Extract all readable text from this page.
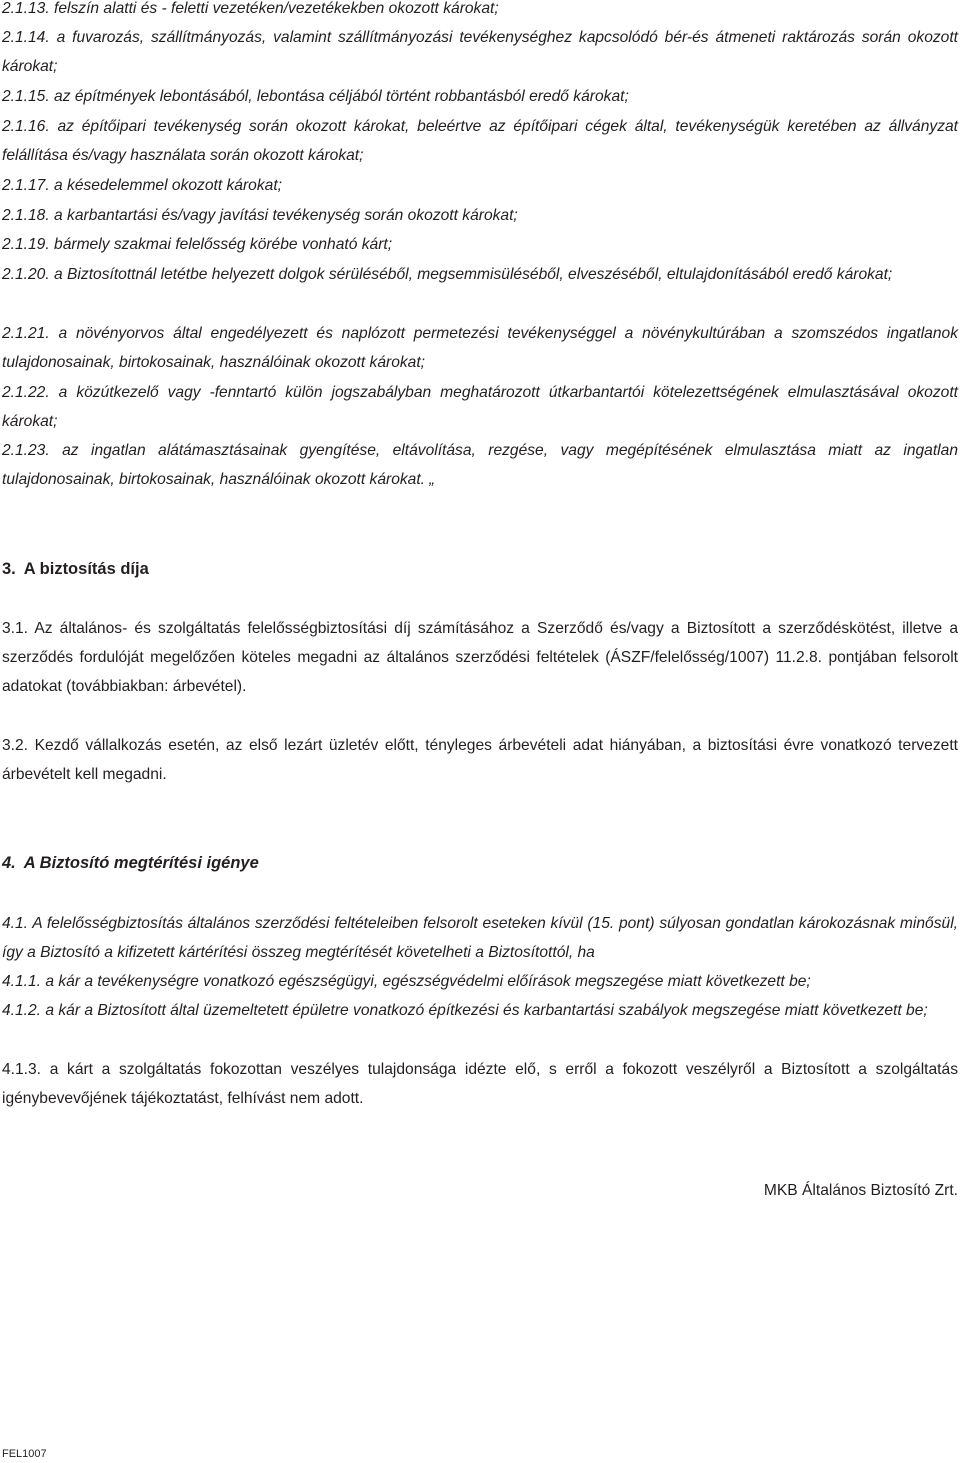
2.1.13. felszín alatti és - feletti vezetéken/vezetékekben okozott károkat;

2.1.14. a fuvarozás, szállítmányozás, valamint szállítmányozási tevékenységhez kapcsolódó bér-és átmeneti raktározás során okozott károkat;

2.1.15. az építmények lebontásából, lebontása céljából történt robbantásból eredő károkat;

2.1.16. az építőipari tevékenység során okozott károkat, beleértve az építőipari cégek által, tevékenységük keretében az állványzat felállítása és/vagy használata során okozott károkat;

2.1.17. a késedelemmel okozott károkat;

2.1.18. a karbantartási és/vagy javítási tevékenység során okozott károkat;

2.1.19. bármely szakmai felelősség körébe vonható kárt;

2.1.20. a Biztosítottnál letétbe helyezett dolgok sérüléséből, megsemmisüléséből, elveszéséből, eltulajdonításából eredő károkat;

2.1.21. a növényorvos által engedélyezett és naplózott permetezési tevékenységgel a növénykultúrában a szomszédos ingatlanok tulajdonosainak, birtokosainak, használóinak okozott károkat;

2.1.22. a közútkezelő vagy -fenntartó külön jogszabályban meghatározott útkarbantartói kötelezettségének elmulasztásával okozott károkat;

2.1.23. az ingatlan alátámasztásainak gyengítése, eltávolítása, rezgése, vagy megépítésének elmulasztása miatt az ingatlan tulajdonosainak, birtokosainak, használóinak okozott károkat. „

3. A biztosítás díja

3.1. Az általános- és szolgáltatás felelősségbiztosítási díj számításához a Szerződő és/vagy a Biztosított a szerződéskötést, illetve a szerződés fordulóját megelőzően köteles megadni az általános szerződési feltételek (ÁSZF/felelősség/1007) 11.2.8. pontjában felsorolt adatokat (továbbiakban: árbevétel).

3.2. Kezdő vállalkozás esetén, az első lezárt üzletév előtt, tényleges árbevételi adat hiányában, a biztosítási évre vonatkozó tervezett árbevételt kell megadni.

4. A Biztosító megtérítési igénye

4.1. A felelősségbiztosítás általános szerződési feltételeiben felsorolt eseteken kívül (15. pont) súlyosan gondatlan károkozásnak minősül, így a Biztosító a kifizetett kártérítési összeg megtérítését követelheti a Biztosítottól, ha

4.1.1. a kár a tevékenységre vonatkozó egészségügyi, egészségvédelmi előírások megszegése miatt következett be;

4.1.2. a kár a Biztosított által üzemeltetett épületre vonatkozó építkezési és karbantartási szabályok megszegése miatt következett be;

4.1.3. a kárt a szolgáltatás fokozottan veszélyes tulajdonsága idézte elő, s erről a fokozott veszélyről a Biztosított a szolgáltatás igénybevevőjének tájékoztatást, felhívást nem adott.

MKB Általános Biztosító Zrt.
FEL1007
